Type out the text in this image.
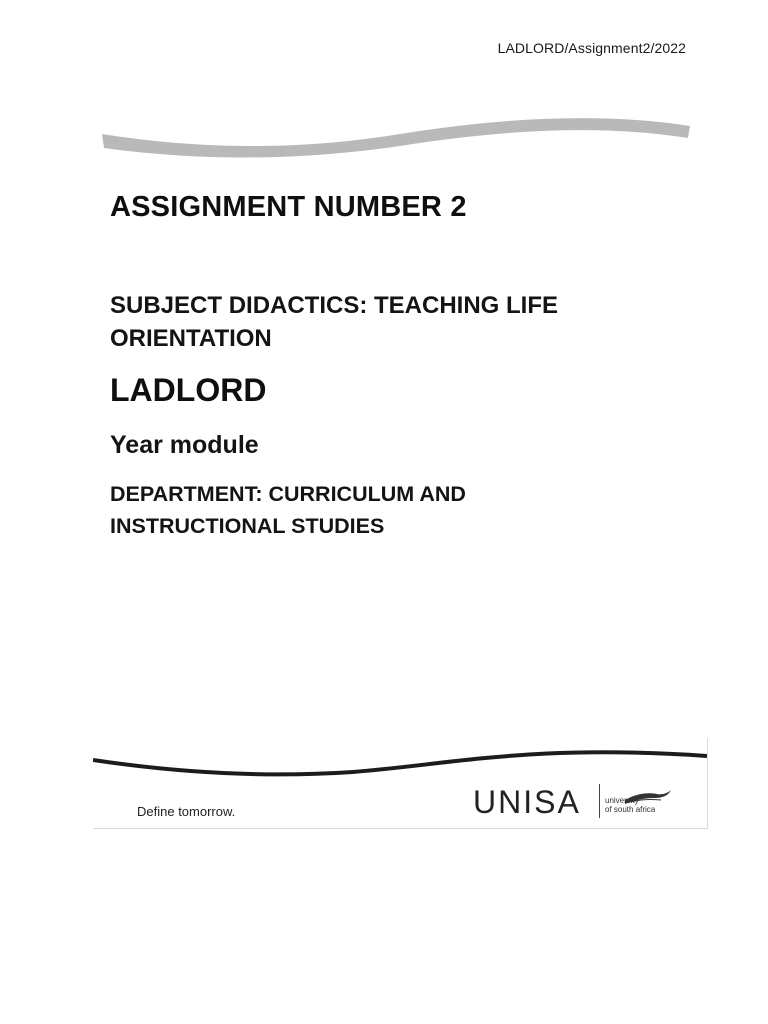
LADLORD/Assignment2/2022
ASSIGNMENT NUMBER 2
SUBJECT DIDACTICS: TEACHING LIFE
ORIENTATION
LADLORD
Year module
DEPARTMENT: CURRICULUM AND
INSTRUCTIONAL STUDIES
Define tomorrow.	UNISA	university
of south africa
